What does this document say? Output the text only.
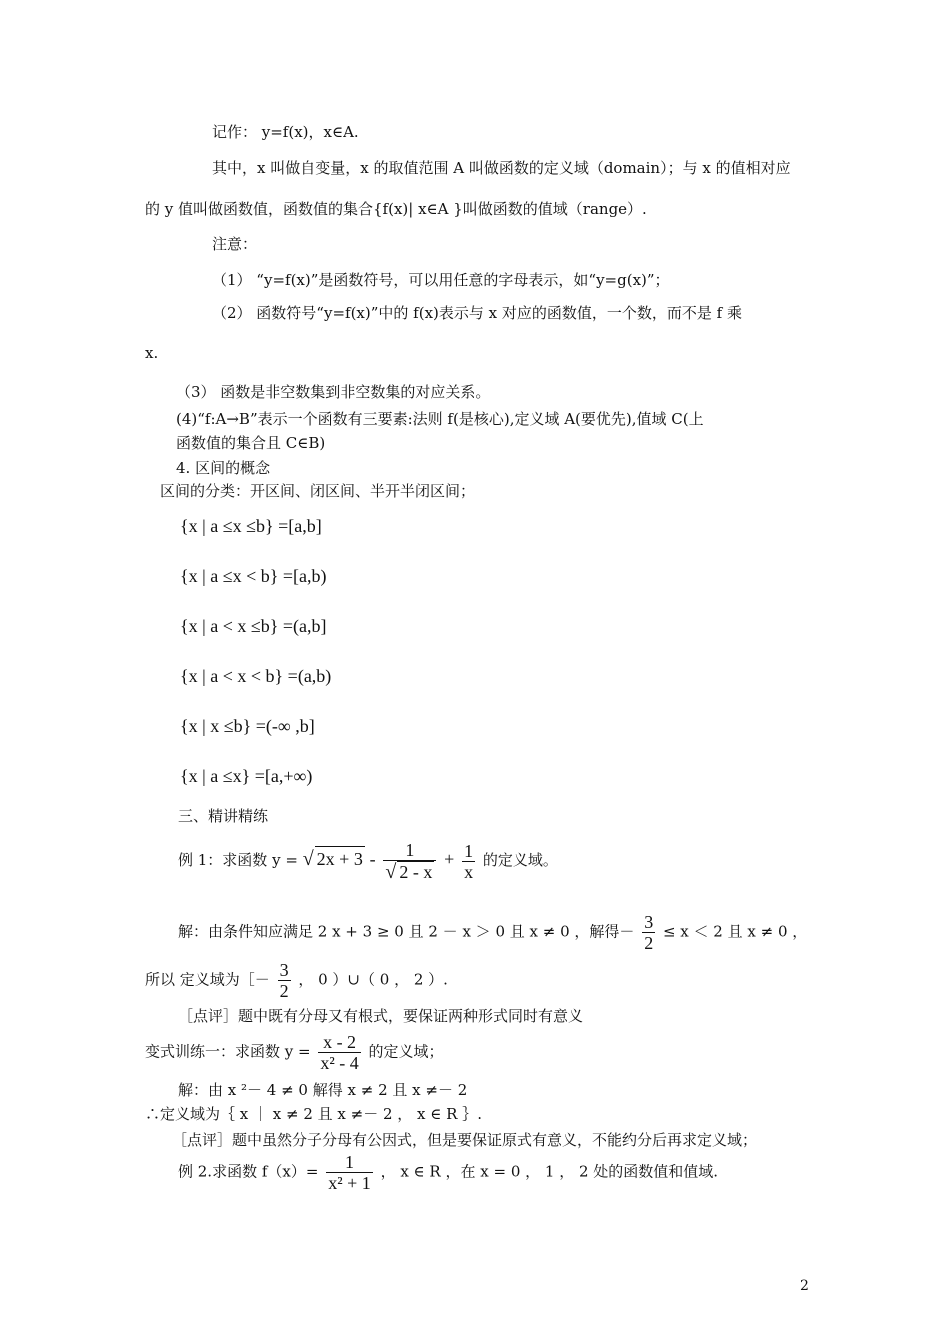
记作： y=f(x)，x∈A.
其中，x 叫做自变量，x 的取值范围 A 叫做函数的定义域（domain）；与 x 的值相对应
的 y 值叫做函数值，函数值的集合{f(x)| x∈A }叫做函数的值域（range）.
注意：
（1） “y=f(x)”是函数符号，可以用任意的字母表示，如“y=g(x)”；
（2） 函数符号“y=f(x)”中的 f(x)表示与 x 对应的函数值，一个数，而不是 f 乘
x.
（3） 函数是非空数集到非空数集的对应关系。
(4)“f:A→B”表示一个函数有三要素:法则 f(是核心),定义域 A(要优先),值域 C(上
函数值的集合且 C∈B)
4. 区间的概念
区间的分类：开区间、闭区间、半开半闭区间；
{x | a ≤x ≤b} =[a,b]
{x | a ≤x < b} =[a,b)
{x | a < x ≤b} =(a,b]
{x | a < x < b} =(a,b)
{x | x ≤b} =(-∞ ,b]
{x | a ≤x} =[a,+∞)
三、精讲精练
例 1：求函数 y = √ $2x + 3 - \frac{1}{√ 2 - x} + \frac{1}{x}$ 的定义域。
解：由条件知应满足 2 x + 3 ≥ 0 且 2 － x ＞ 0 且 x ≠ 0 ，解得－ $\frac{3}{2} \le x < 2$ 且 x ≠ 0 ，
所以 定义域为［－ $\frac{3}{2}$ ， 0 ）∪（ 0 ， 2 ）.
［点评］题中既有分母又有根式，要保证两种形式同时有意义
变式训练一：求函数 $y = \frac{x - 2}{\text{x² - 4}}$ 的定义域；
解：由 x ²－ 4 ≠ 0 解得 x ≠ 2 且 x ≠－ 2
∴定义域为｛ x ｜ x ≠ 2 且 x ≠－ 2 ， x ∈ R ｝.
［点评］题中虽然分子分母有公因式，但是要保证原式有意义，不能约分后再求定义域；
例 2.求函数 $f(x)= \frac{1}{\text{x² + 1}}$ ， x ∈ R ，在 x = 0 ， 1 ， 2 处的函数值和值域.
2
